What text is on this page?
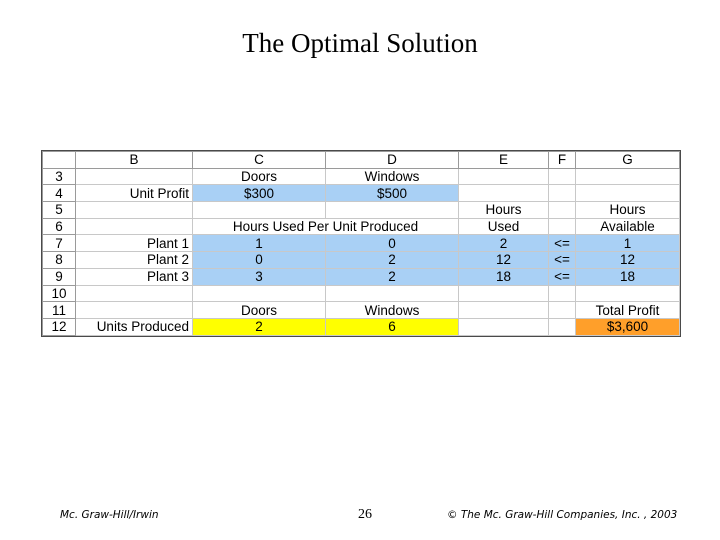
The Optimal Solution
	B	C	D	E	F	G
3		Doors	Windows			
4	Unit Profit	$300	$500			
5				Hours		Hours
6		Hours Used Per Unit Produced		Used		Available
7	Plant 1	1	0	2	<=	1
8	Plant 2	0	2	12	<=	12
9	Plant 3	3	2	18	<=	18
10						
11		Doors	Windows			Total Profit
12	Units Produced	2	6			$3,600
Mc. Graw-Hill/Irwin	26	© The Mc. Graw-Hill Companies, Inc. , 2003
